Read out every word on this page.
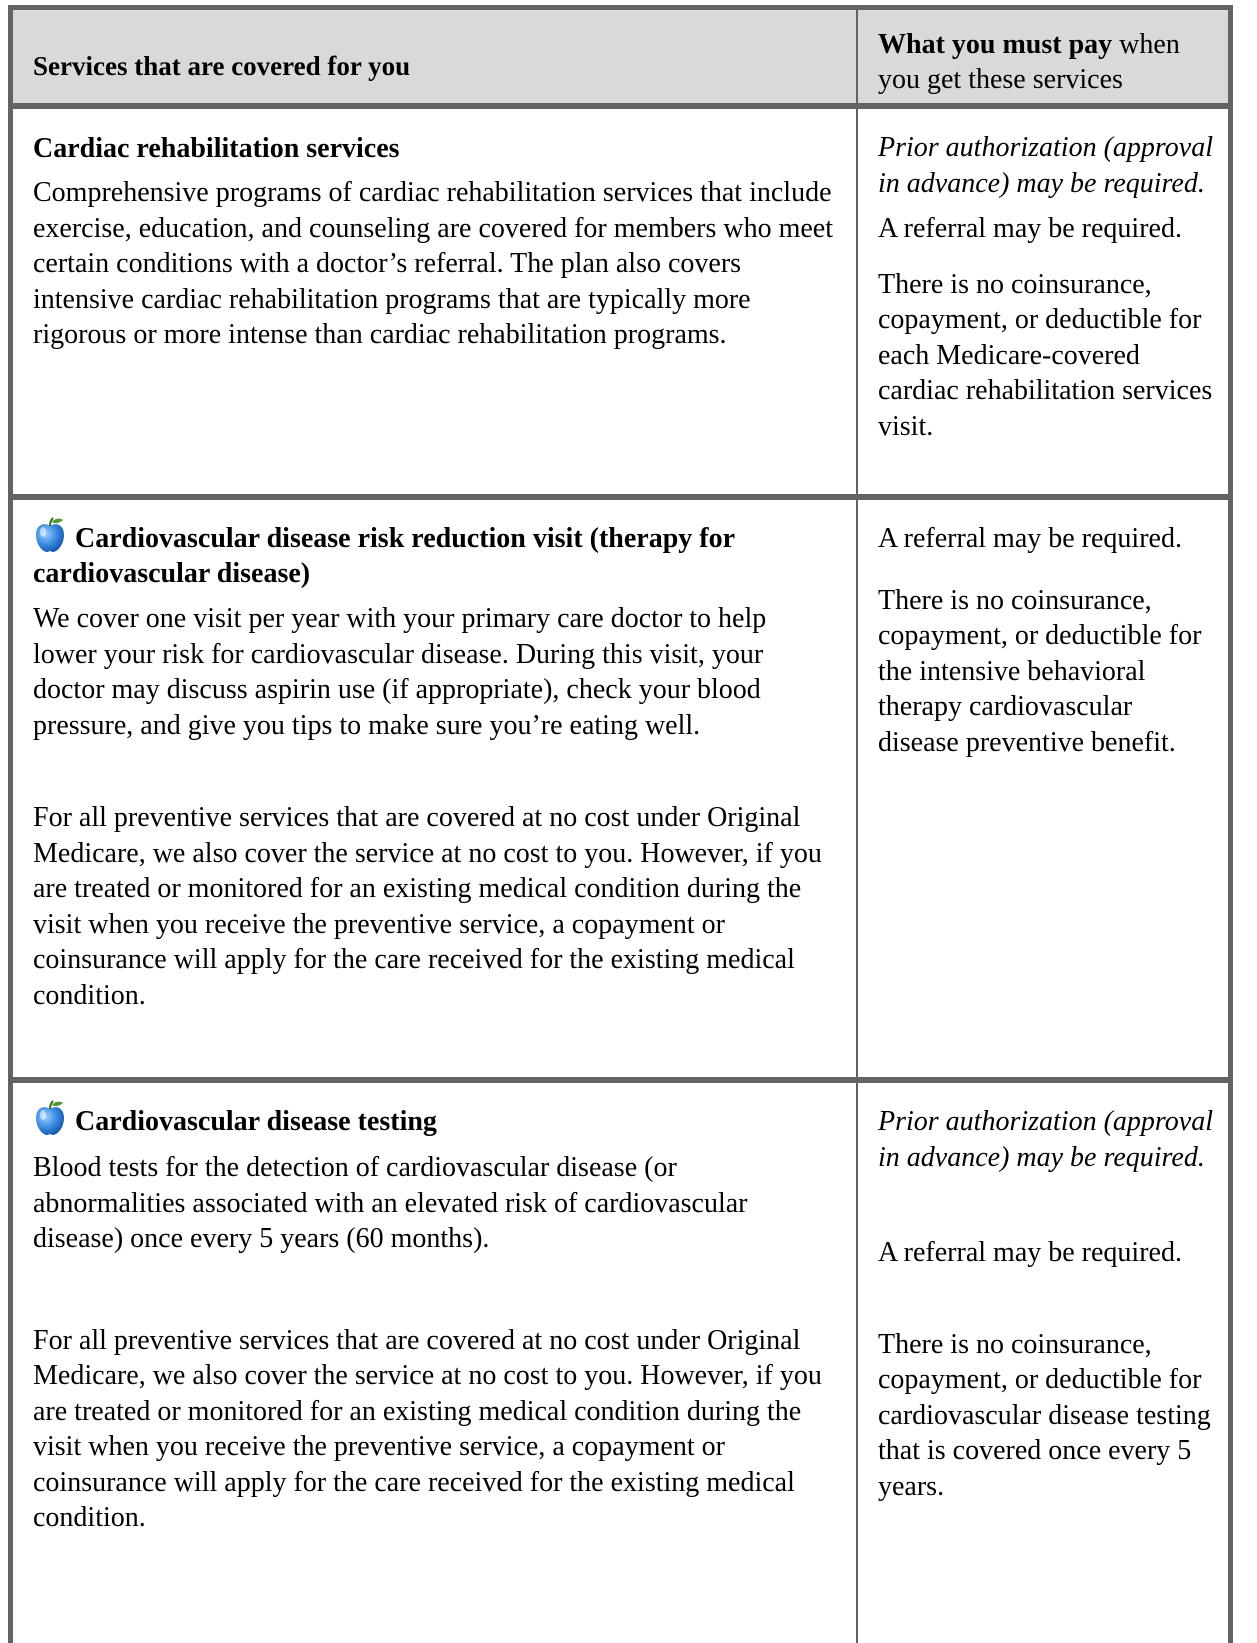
Services that are covered for you
What you must pay when
you get these services

Cardiac rehabilitation services

Comprehensive programs of cardiac rehabilitation services that include exercise, education, and counseling are covered for members who meet certain conditions with a doctor’s referral. The plan also covers intensive cardiac rehabilitation programs that are typically more rigorous or more intense than cardiac rehabilitation programs.

Prior authorization (approval in advance) may be required.

A referral may be required.

There is no coinsurance, copayment, or deductible for each Medicare-covered cardiac rehabilitation services visit.

Cardiovascular disease risk reduction visit (therapy for cardiovascular disease)

We cover one visit per year with your primary care doctor to help lower your risk for cardiovascular disease. During this visit, your doctor may discuss aspirin use (if appropriate), check your blood pressure, and give you tips to make sure you’re eating well.

For all preventive services that are covered at no cost under Original Medicare, we also cover the service at no cost to you. However, if you are treated or monitored for an existing medical condition during the visit when you receive the preventive service, a copayment or coinsurance will apply for the care received for the existing medical condition.

A referral may be required.

There is no coinsurance, copayment, or deductible for the intensive behavioral therapy cardiovascular disease preventive benefit.

Cardiovascular disease testing

Blood tests for the detection of cardiovascular disease (or abnormalities associated with an elevated risk of cardiovascular disease) once every 5 years (60 months).

For all preventive services that are covered at no cost under Original Medicare, we also cover the service at no cost to you. However, if you are treated or monitored for an existing medical condition during the visit when you receive the preventive service, a copayment or coinsurance will apply for the care received for the existing medical condition.

Prior authorization (approval in advance) may be required.

A referral may be required.

There is no coinsurance, copayment, or deductible for cardiovascular disease testing that is covered once every 5 years.
